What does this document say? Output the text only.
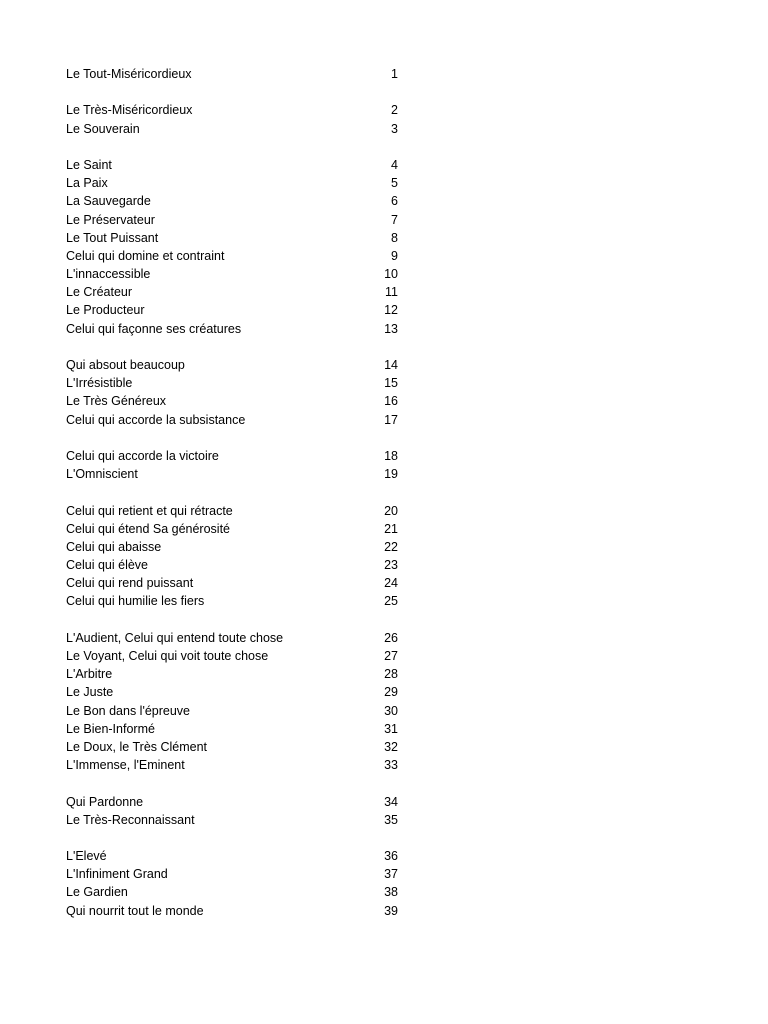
Le Tout-Miséricordieux	1
Le Très-Miséricordieux	2
Le Souverain	3
Le Saint	4
La Paix	5
La Sauvegarde	6
Le Préservateur	7
Le Tout Puissant	8
Celui qui domine et contraint	9
L'innaccessible	10
Le Créateur	11
Le Producteur	12
Celui qui façonne ses créatures	13
Qui absout beaucoup	14
L'Irrésistible	15
Le Très Généreux	16
Celui qui accorde la subsistance	17
Celui qui accorde la victoire	18
L'Omniscient	19
Celui qui retient et qui rétracte	20
Celui qui étend Sa générosité	21
Celui qui abaisse	22
Celui qui élève	23
Celui qui rend puissant	24
Celui qui humilie les fiers	25
L'Audient, Celui qui entend toute chose	26
Le Voyant, Celui qui voit toute chose	27
L'Arbitre	28
Le Juste	29
Le Bon dans l'épreuve	30
Le Bien-Informé	31
Le Doux, le Très Clément	32
L'Immense, l'Eminent	33
Qui Pardonne	34
Le Très-Reconnaissant	35
L'Elevé	36
L'Infiniment Grand	37
Le Gardien	38
Qui nourrit tout le monde	39
